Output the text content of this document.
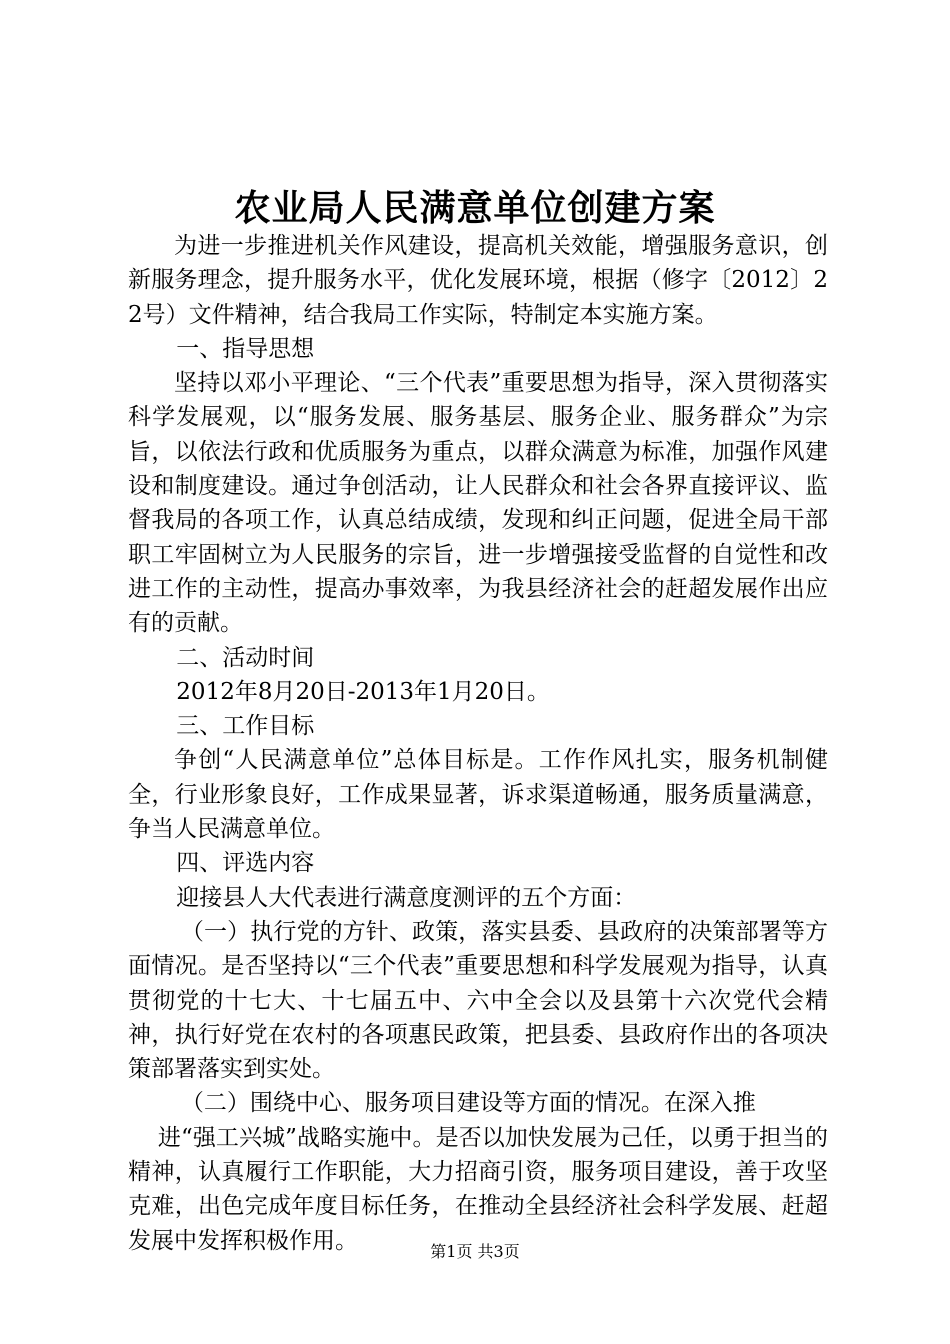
农业局人民满意单位创建方案

为进一步推进机关作风建设，提高机关效能，增强服务意识，创新服务理念，提升服务水平，优化发展环境，根据（修字〔2012〕22号）文件精神，结合我局工作实际，特制定本实施方案。

一、指导思想

坚持以邓小平理论、“三个代表”重要思想为指导，深入贯彻落实科学发展观，以“服务发展、服务基层、服务企业、服务群众”为宗旨，以依法行政和优质服务为重点，以群众满意为标准，加强作风建设和制度建设。通过争创活动，让人民群众和社会各界直接评议、监督我局的各项工作，认真总结成绩，发现和纠正问题，促进全局干部职工牢固树立为人民服务的宗旨，进一步增强接受监督的自觉性和改进工作的主动性，提高办事效率，为我县经济社会的赶超发展作出应有的贡献。

二、活动时间

2012年8月20日-2013年1月20日。

三、工作目标

争创“人民满意单位”总体目标是。工作作风扎实，服务机制健全，行业形象良好，工作成果显著，诉求渠道畅通，服务质量满意，争当人民满意单位。

四、评选内容

迎接县人大代表进行满意度测评的五个方面：

（一）执行党的方针、政策，落实县委、县政府的决策部署等方面情况。是否坚持以“三个代表”重要思想和科学发展观为指导，认真贯彻党的十七大、十七届五中、六中全会以及县第十六次党代会精神，执行好党在农村的各项惠民政策，把县委、县政府作出的各项决策部署落实到实处。

（二）围绕中心、服务项目建设等方面的情况。在深入推

进“强工兴城”战略实施中。是否以加快发展为己任，以勇于担当的精神，认真履行工作职能，大力招商引资，服务项目建设，善于攻坚克难，出色完成年度目标任务，在推动全县经济社会科学发展、赶超发展中发挥积极作用。	第1页 共3页
